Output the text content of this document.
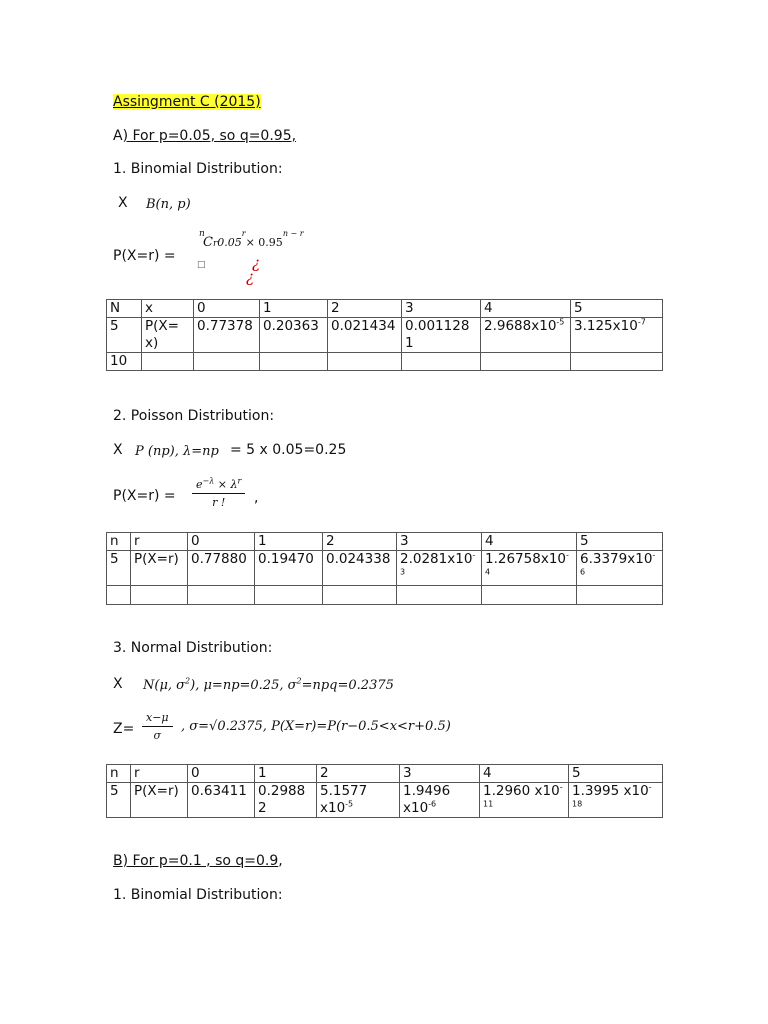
Assingment C (2015)
A) For p=0.05, so q=0.95,
1. Binomial Distribution:
X B(n, p)
P(X=r) =
n
$Cr0.05^r\times 0.95^{n - r}$
□	¿
¿
N	x	0	1	2	3	4	5
5	P(X=x)	0.77378	0.20363	0.021434	0.0011281	$2.9688x10^{-5}$	$3.125x10^{-7}$
10							
2. Poisson Distribution:
X P (np), λ=np = 5 x 0.05=0.25
$P(X=r) = \frac{e^{-\lambda} \times \lambda^r}{r !}$ ,
n	r	0	1	2	3	4	5
5	P(X=r)	0.77880	0.19470	0.024338	$2.0281x10^{-3}$	$1.26758x10^{-4}$	$6.3379x10^{-6}$

3. Normal Distribution:
X N(μ, $\sigma^2$), μ=np=0.25, $\sigma^2=npq=0.2375$
$Z= \frac{x-\mu}{\sigma}$ , σ=√0.2375, P(X=r)=P(r−0.5<x<r+0.5)
n	r	0	1	2	3	4	5
5	P(X=r)	0.63411	0.29882	5.1577 $x10^{-5}$	1.9496 $x10^{-6}$	1.2960 $x10^{-11}$	1.3995 $x10^{-18}$
B) For p=0.1 , so q=0.9,
1. Binomial Distribution:
